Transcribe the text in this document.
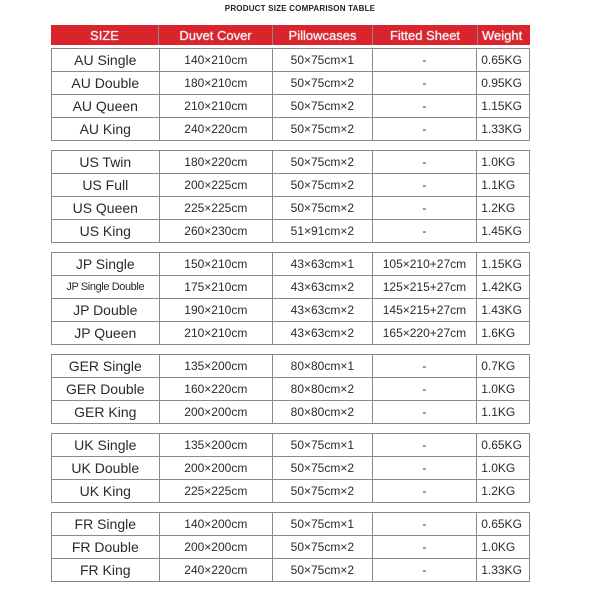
PRODUCT SIZE COMPARISON TABLE
SIZE	Duvet Cover	Pillowcases	Fitted Sheet	Weight
AU Single	140×210cm	50×75cm×1	-	0.65KG
AU Double	180×210cm	50×75cm×2	-	0.95KG
AU Queen	210×210cm	50×75cm×2	-	1.15KG
AU King	240×220cm	50×75cm×2	-	1.33KG
US Twin	180×220cm	50×75cm×2	-	1.0KG
US Full	200×225cm	50×75cm×2	-	1.1KG
US Queen	225×225cm	50×75cm×2	-	1.2KG
US King	260×230cm	51×91cm×2	-	1.45KG
JP Single	150×210cm	43×63cm×1	105×210+27cm	1.15KG
JP Single Double	175×210cm	43×63cm×2	125×215+27cm	1.42KG
JP Double	190×210cm	43×63cm×2	145×215+27cm	1.43KG
JP Queen	210×210cm	43×63cm×2	165×220+27cm	1.6KG
GER Single	135×200cm	80×80cm×1	-	0.7KG
GER Double	160×220cm	80×80cm×2	-	1.0KG
GER King	200×200cm	80×80cm×2	-	1.1KG
UK Single	135×200cm	50×75cm×1	-	0.65KG
UK Double	200×200cm	50×75cm×2	-	1.0KG
UK King	225×225cm	50×75cm×2	-	1.2KG
FR Single	140×200cm	50×75cm×1	-	0.65KG
FR Double	200×200cm	50×75cm×2	-	1.0KG
FR King	240×220cm	50×75cm×2	-	1.33KG
